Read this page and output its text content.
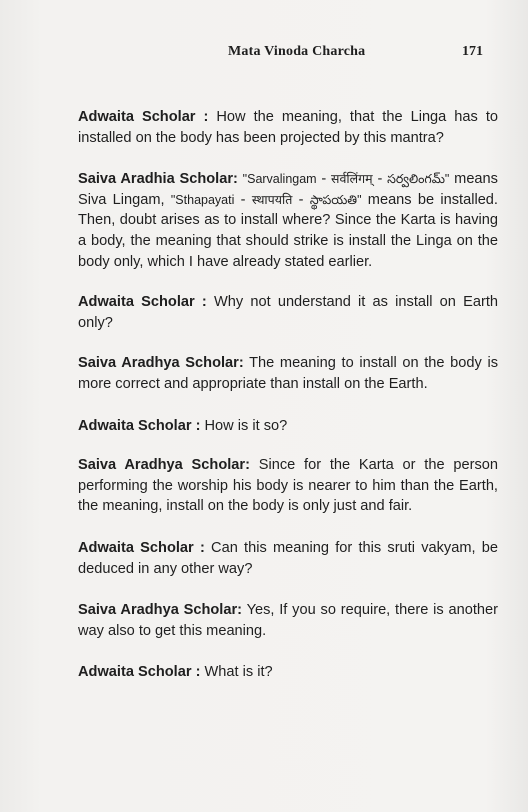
Mata Vinoda Charcha	171

Adwaita Scholar : How the meaning, that the Linga has to installed on the body has been projected by this mantra?

Saiva Aradhia Scholar: "Sarvalingam - सर्वलिंगम् - సర్వలింగమ్" means Siva Lingam, "Sthapayati - स्थापयति - స్థాపయతి" means be installed. Then, doubt arises as to install where? Since the Karta is having a body, the meaning that should strike is install the Linga on the body only, which I have already stated earlier.

Adwaita Scholar : Why not understand it as install on Earth only?

Saiva Aradhya Scholar: The meaning to install on the body is more correct and appropriate than install on the Earth.

Adwaita Scholar : How is it so?

Saiva Aradhya Scholar: Since for the Karta or the person performing the worship his body is nearer to him than the Earth, the meaning, install on the body is only just and fair.

Adwaita Scholar : Can this meaning for this sruti vakyam, be deduced in any other way?

Saiva Aradhya Scholar: Yes, If you so require, there is another way also to get this meaning.

Adwaita Scholar : What is it?
